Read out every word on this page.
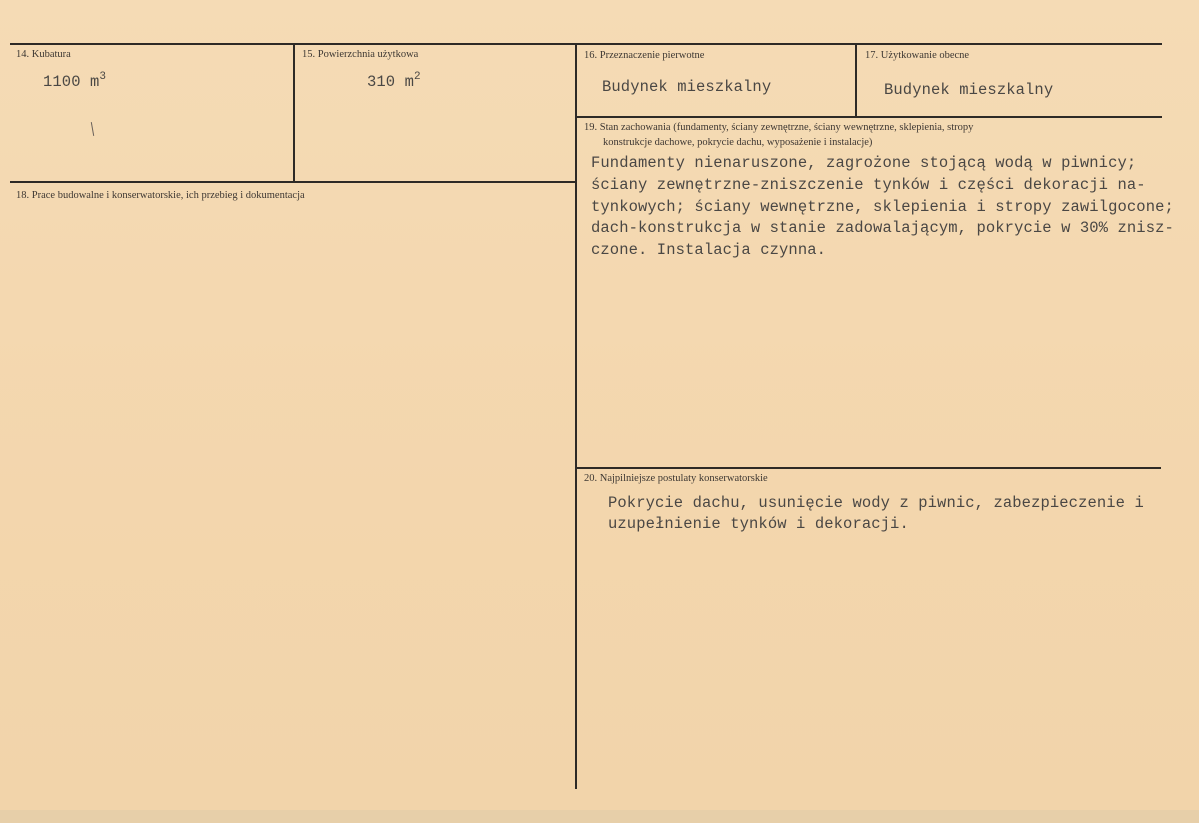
14. Kubatura
1100 $m^3$
15. Powierzchnia użytkowa
310 $m^2$
16. Przeznaczenie pierwotne
Budynek mieszkalny
17. Użytkowanie obecne
Budynek mieszkalny
19. Stan zachowania (fundamenty, ściany zewnętrzne, ściany wewnętrzne, sklepienia, stropy
konstrukcje dachowe, pokrycie dachu, wyposażenie i instalacje)
Fundamenty nienaruszone, zagrożone stojącą wodą w piwnicy;
ściany zewnętrzne-zniszczenie tynków i części dekoracji na-
tynkowych; ściany wewnętrzne, sklepienia i stropy zawilgocone;
dach-konstrukcja w stanie zadowalającym, pokrycie w 30% znisz-
czone. Instalacja czynna.
18. Prace budowalne i konserwatorskie, ich przebieg i dokumentacja
20. Najpilniejsze postulaty konserwatorskie
Pokrycie dachu, usunięcie wody z piwnic, zabezpieczenie i
uzupełnienie tynków i dekoracji.
